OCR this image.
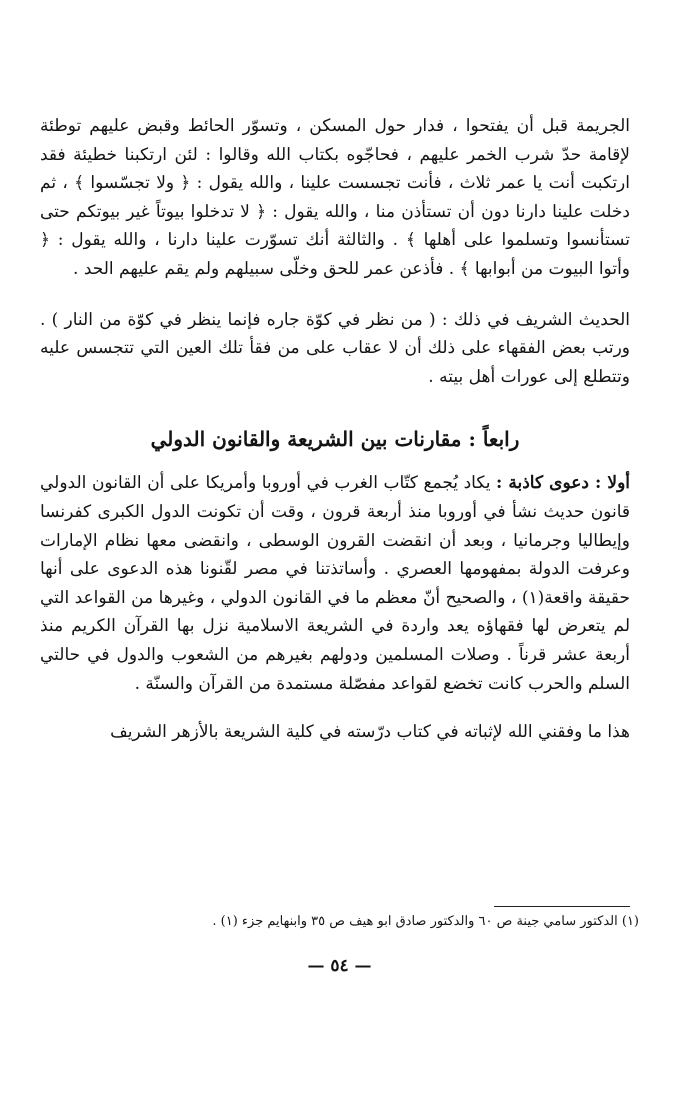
الجريمة قبل أن يفتحوا ، فدار حول المسكن ، وتسوّر الحائط وقبض عليهم توطئة لإقامة حدّ شرب الخمر عليهم ، فحاجّوه بكتاب الله وقالوا : لئن ارتكبنا خطيئة فقد ارتكبت أنت يا عمر ثلاث ، فأنت تجسست علينا ، والله يقول : ﴿ ولا تجسّسوا ﴾ ، ثم دخلت علينا دارنا دون أن تستأذن منا ، والله يقول : ﴿ لا تدخلوا بيوتاً غير بيوتكم حتى تستأنسوا وتسلموا على أهلها ﴾ . والثالثة أنك تسوّرت علينا دارنا ، والله يقول : ﴿ وأتوا البيوت من أبوابها ﴾ . فأذعن عمر للحق وخلّى سبيلهم ولم يقم عليهم الحد .

الحديث الشريف في ذلك : ( من نظر في كوّة جاره فإنما ينظر في كوّة من النار ) . ورتب بعض الفقهاء على ذلك أن لا عقاب على من فقأ تلك العين التي تتجسس عليه وتتطلع إلى عورات أهل بيته .

رابعاً : مقارنات بين الشريعة والقانون الدولي

أولا : دعوى كاذبة : يكاد يُجمع كتّاب الغرب في أوروبا وأمريكا على أن القانون الدولي قانون حديث نشأ في أوروبا منذ أربعة قرون ، وقت أن تكونت الدول الكبرى كفرنسا وإيطاليا وجرمانيا ، وبعد أن انقضت القرون الوسطى ، وانقضى معها نظام الإمارات وعرفت الدولة بمفهومها العصري . وأساتذتنا في مصر لقّنونا هذه الدعوى على أنها حقيقة واقعة(١) ، والصحيح أنّ معظم ما في القانون الدولي ، وغيرها من القواعد التي لم يتعرض لها فقهاؤه يعد واردة في الشريعة الاسلامية نزل بها القرآن الكريم منذ أربعة عشر قرناً . وصلات المسلمين ودولهم بغيرهم من الشعوب والدول في حالتي السلم والحرب كانت تخضع لقواعد مفصّلة مستمدة من القرآن والسنّة .

هذا ما وفقني الله لإثباته في كتاب درّسته في كلية الشريعة بالأزهر الشريف

(١) الدكتور سامي جينة ص ٦٠ والدكتور صادق ابو هيف ص ٣٥ وابنهايم جزء (١) .
— ٥٤ —
